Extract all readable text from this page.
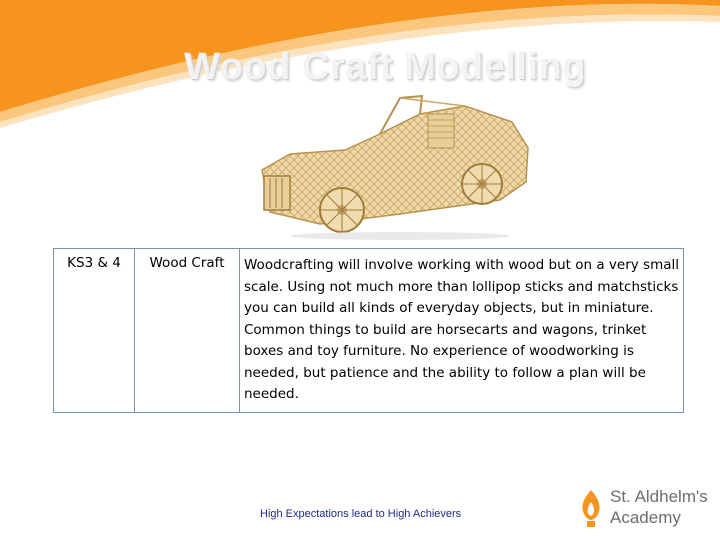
Wood Craft Modelling
KS3 & 4	Wood Craft	Woodcrafting will involve working with wood but on a very small scale. Using not much more than lollipop sticks and matchsticks you can build all kinds of everyday objects, but in miniature.
Common things to build are horsecarts and wagons, trinket boxes and toy furniture. No experience of woodworking is needed, but patience and the ability to follow a plan will be needed.
High Expectations lead to High Achievers
St. Aldhelm's
Academy
